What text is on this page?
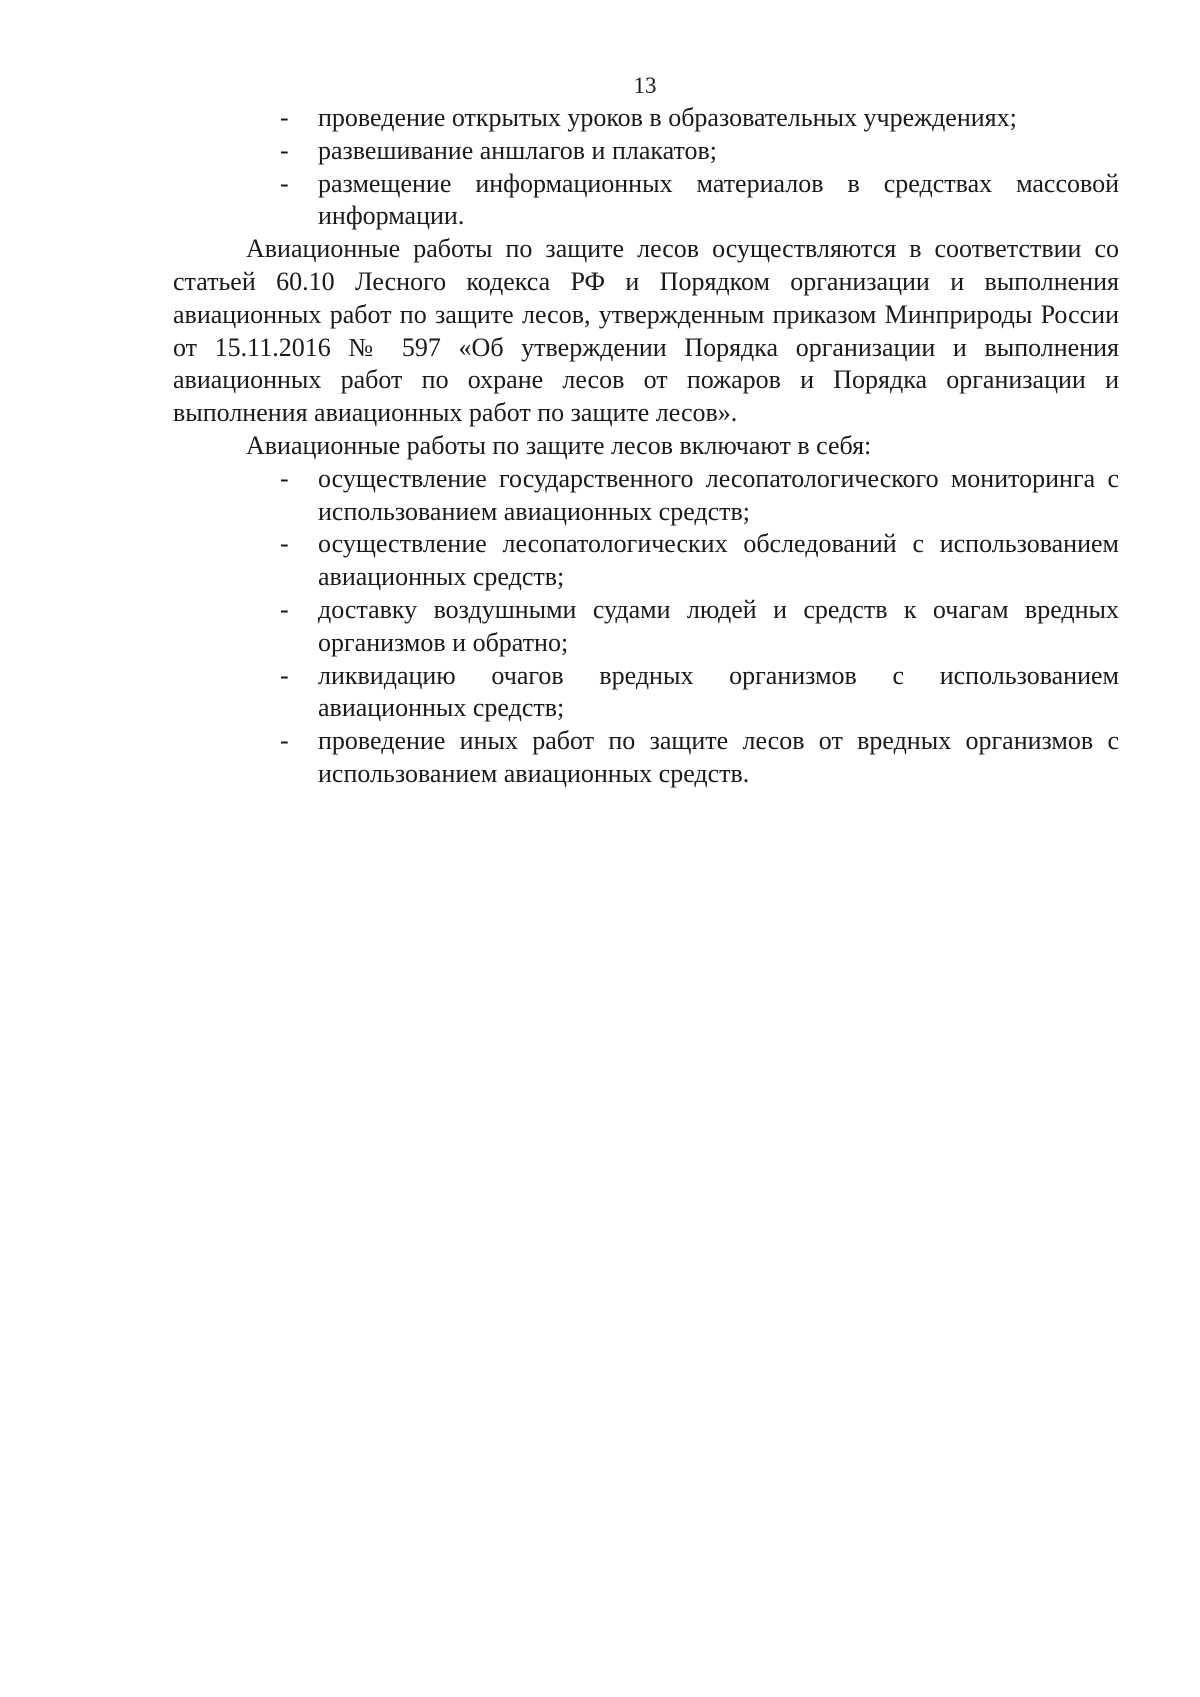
13
- проведение открытых уроков в образовательных учреждениях;
- развешивание аншлагов и плакатов;
- размещение информационных материалов в средствах массовой информации.

Авиационные работы по защите лесов осуществляются в соответствии со статьей 60.10 Лесного кодекса РФ и Порядком организации и выполнения авиационных работ по защите лесов, утвержденным приказом Минприроды России от 15.11.2016 № 597 «Об утверждении Порядка организации и выполнения авиационных работ по охране лесов от пожаров и Порядка организации и выполнения авиационных работ по защите лесов».

Авиационные работы по защите лесов включают в себя:

- осуществление государственного лесопатологического мониторинга с использованием авиационных средств;
- осуществление лесопатологических обследований с использованием авиационных средств;
- доставку воздушными судами людей и средств к очагам вредных организмов и обратно;
- ликвидацию очагов вредных организмов с использованием авиационных средств;
- проведение иных работ по защите лесов от вредных организмов с использованием авиационных средств.
